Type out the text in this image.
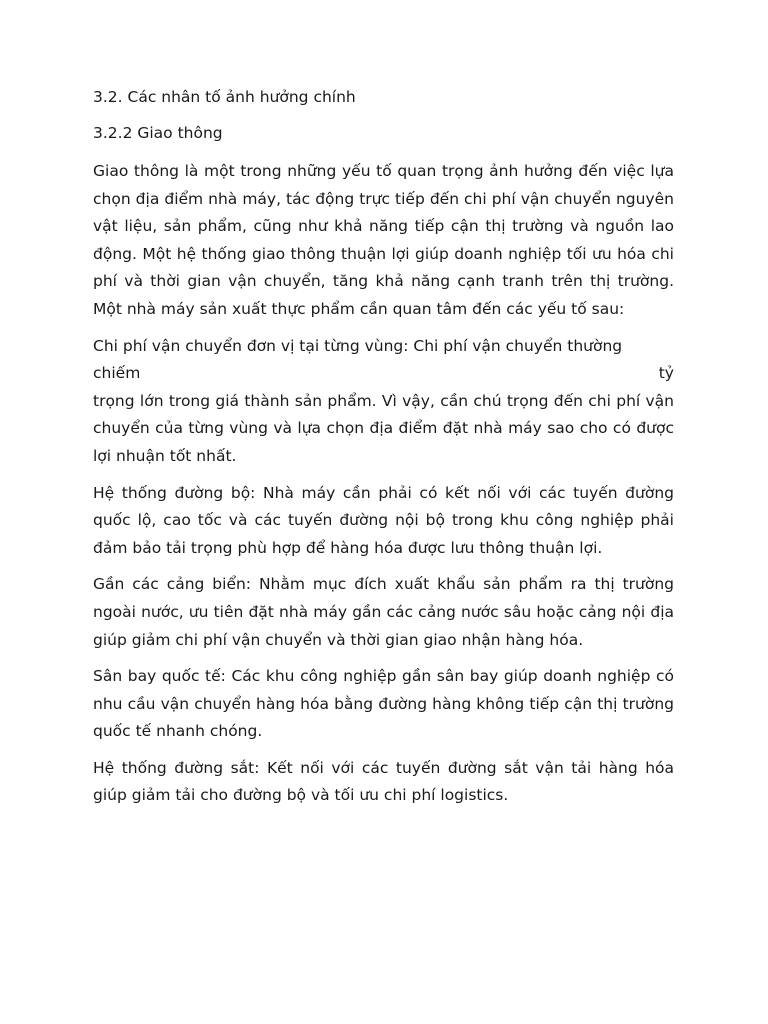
3.2. Các nhân tố ảnh hưởng chính

3.2.2 Giao thông

Giao thông là một trong những yếu tố quan trọng ảnh hưởng đến việc lựa chọn địa điểm nhà máy, tác động trực tiếp đến chi phí vận chuyển nguyên vật liệu, sản phẩm, cũng như khả năng tiếp cận thị trường và nguồn lao động. Một hệ thống giao thông thuận lợi giúp doanh nghiệp tối ưu hóa chi phí và thời gian vận chuyển, tăng khả năng cạnh tranh trên thị trường. Một nhà máy sản xuất thực phẩm cần quan tâm đến các yếu tố sau:

Chi phí vận chuyển đơn vị tại từng vùng: Chi phí vận chuyển thường
chiếm	tỷ
trọng lớn trong giá thành sản phẩm. Vì vậy, cần chú trọng đến chi phí vận chuyển của từng vùng và lựa chọn địa điểm đặt nhà máy sao cho có được lợi nhuận tốt nhất.

Hệ thống đường bộ: Nhà máy cần phải có kết nối với các tuyến đường quốc lộ, cao tốc và các tuyến đường nội bộ trong khu công nghiệp phải đảm bảo tải trọng phù hợp để hàng hóa được lưu thông thuận lợi.

Gần các cảng biển: Nhằm mục đích xuất khẩu sản phẩm ra thị trường ngoài nước, ưu tiên đặt nhà máy gần các cảng nước sâu hoặc cảng nội địa giúp giảm chi phí vận chuyển và thời gian giao nhận hàng hóa.

Sân bay quốc tế: Các khu công nghiệp gần sân bay giúp doanh nghiệp có nhu cầu vận chuyển hàng hóa bằng đường hàng không tiếp cận thị trường quốc tế nhanh chóng.

Hệ thống đường sắt: Kết nối với các tuyến đường sắt vận tải hàng hóa giúp giảm tải cho đường bộ và tối ưu chi phí logistics.
